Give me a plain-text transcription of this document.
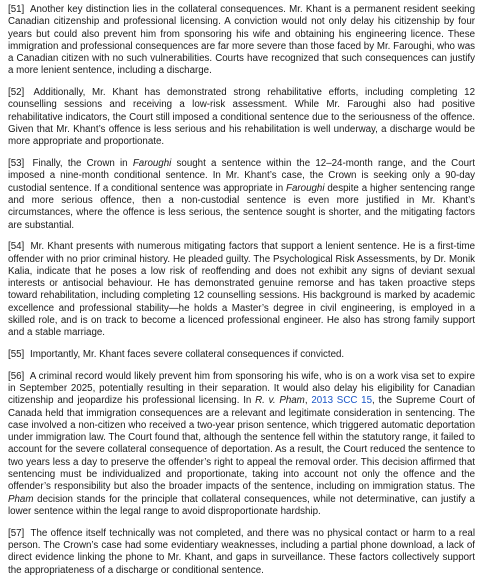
[51] Another key distinction lies in the collateral consequences. Mr. Khant is a permanent resident seeking Canadian citizenship and professional licensing. A conviction would not only delay his citizenship by four years but could also prevent him from sponsoring his wife and obtaining his engineering licence. These immigration and professional consequences are far more severe than those faced by Mr. Faroughi, who was a Canadian citizen with no such vulnerabilities. Courts have recognized that such consequences can justify a more lenient sentence, including a discharge.

[52] Additionally, Mr. Khant has demonstrated strong rehabilitative efforts, including completing 12 counselling sessions and receiving a low-risk assessment. While Mr. Faroughi also had positive rehabilitative indicators, the Court still imposed a conditional sentence due to the seriousness of the offence. Given that Mr. Khant’s offence is less serious and his rehabilitation is well underway, a discharge would be more appropriate and proportionate.

[53] Finally, the Crown in Faroughi sought a sentence within the 12–24-month range, and the Court imposed a nine-month conditional sentence. In Mr. Khant’s case, the Crown is seeking only a 90-day custodial sentence. If a conditional sentence was appropriate in Faroughi despite a higher sentencing range and more serious offence, then a non-custodial sentence is even more justified in Mr. Khant’s circumstances, where the offence is less serious, the sentence sought is shorter, and the mitigating factors are substantial.

[54] Mr. Khant presents with numerous mitigating factors that support a lenient sentence. He is a first-time offender with no prior criminal history. He pleaded guilty. The Psychological Risk Assessments, by Dr. Monik Kalia, indicate that he poses a low risk of reoffending and does not exhibit any signs of deviant sexual interests or antisocial behaviour. He has demonstrated genuine remorse and has taken proactive steps toward rehabilitation, including completing 12 counselling sessions. His background is marked by academic excellence and professional stability—he holds a Master’s degree in civil engineering, is employed in a skilled role, and is on track to become a licenced professional engineer. He also has strong family support and a stable marriage.

[55] Importantly, Mr. Khant faces severe collateral consequences if convicted.

[56] A criminal record would likely prevent him from sponsoring his wife, who is on a work visa set to expire in September 2025, potentially resulting in their separation. It would also delay his eligibility for Canadian citizenship and jeopardize his professional licensing. In R. v. Pham, 2013 SCC 15, the Supreme Court of Canada held that immigration consequences are a relevant and legitimate consideration in sentencing. The case involved a non-citizen who received a two-year prison sentence, which triggered automatic deportation under immigration law. The Court found that, although the sentence fell within the statutory range, it failed to account for the severe collateral consequence of deportation. As a result, the Court reduced the sentence to two years less a day to preserve the offender’s right to appeal the removal order. This decision affirmed that sentencing must be individualized and proportionate, taking into account not only the offence and the offender’s responsibility but also the broader impacts of the sentence, including on immigration status. The Pham decision stands for the principle that collateral consequences, while not determinative, can justify a lower sentence within the legal range to avoid disproportionate hardship.

[57] The offence itself technically was not completed, and there was no physical contact or harm to a real person. The Crown’s case had some evidentiary weaknesses, including a partial phone download, a lack of direct evidence linking the phone to Mr. Khant, and gaps in surveillance. These factors collectively support the appropriateness of a discharge or conditional sentence.
